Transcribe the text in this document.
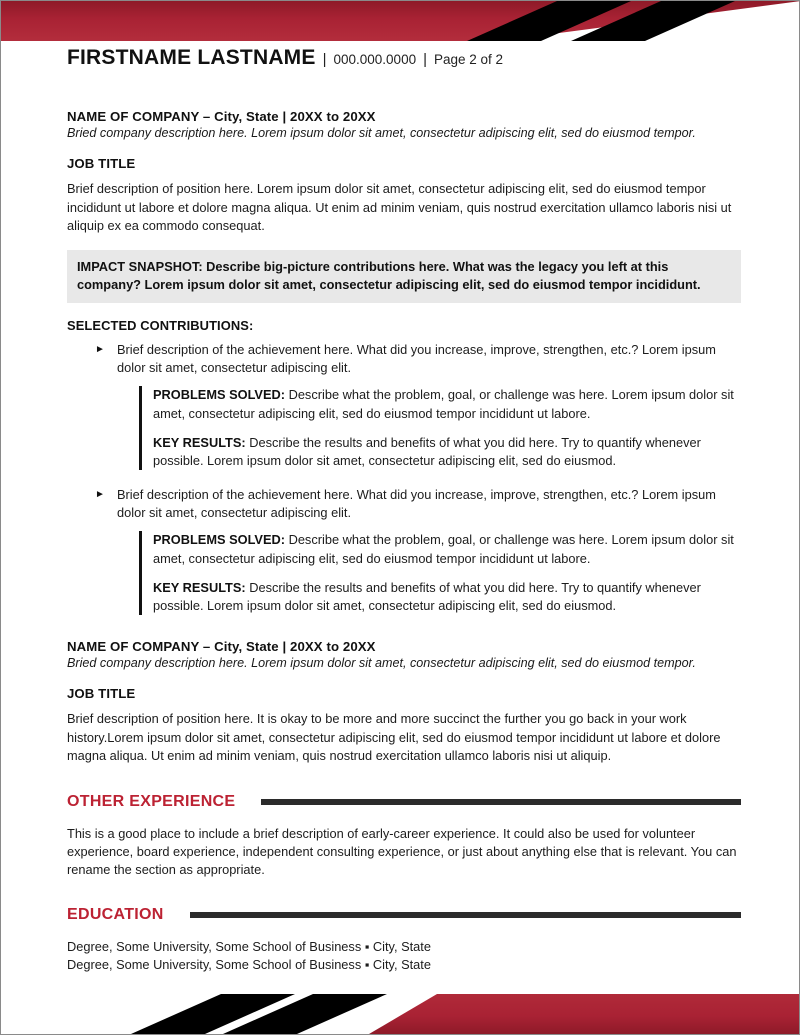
FIRSTNAME LASTNAME | 000.000.0000 | Page 2 of 2
NAME OF COMPANY – City, State | 20XX to 20XX
Bried company description here. Lorem ipsum dolor sit amet, consectetur adipiscing elit, sed do eiusmod tempor.
JOB TITLE

Brief description of position here. Lorem ipsum dolor sit amet, consectetur adipiscing elit, sed do eiusmod tempor incididunt ut labore et dolore magna aliqua. Ut enim ad minim veniam, quis nostrud exercitation ullamco laboris nisi ut aliquip ex ea commodo consequat.

IMPACT SNAPSHOT: Describe big-picture contributions here. What was the legacy you left at this company? Lorem ipsum dolor sit amet, consectetur adipiscing elit, sed do eiusmod tempor incididunt.

SELECTED CONTRIBUTIONS:
► Brief description of the achievement here. What did you increase, improve, strengthen, etc.? Lorem ipsum dolor sit amet, consectetur adipiscing elit.

PROBLEMS SOLVED: Describe what the problem, goal, or challenge was here. Lorem ipsum dolor sit amet, consectetur adipiscing elit, sed do eiusmod tempor incididunt ut labore.

KEY RESULTS: Describe the results and benefits of what you did here. Try to quantify whenever possible. Lorem ipsum dolor sit amet, consectetur adipiscing elit, sed do eiusmod.

► Brief description of the achievement here. What did you increase, improve, strengthen, etc.? Lorem ipsum dolor sit amet, consectetur adipiscing elit.

PROBLEMS SOLVED: Describe what the problem, goal, or challenge was here. Lorem ipsum dolor sit amet, consectetur adipiscing elit, sed do eiusmod tempor incididunt ut labore.

KEY RESULTS: Describe the results and benefits of what you did here. Try to quantify whenever possible. Lorem ipsum dolor sit amet, consectetur adipiscing elit, sed do eiusmod.

NAME OF COMPANY – City, State | 20XX to 20XX
Bried company description here. Lorem ipsum dolor sit amet, consectetur adipiscing elit, sed do eiusmod tempor.
JOB TITLE

Brief description of position here. It is okay to be more and more succinct the further you go back in your work history.Lorem ipsum dolor sit amet, consectetur adipiscing elit, sed do eiusmod tempor incididunt ut labore et dolore magna aliqua. Ut enim ad minim veniam, quis nostrud exercitation ullamco laboris nisi ut aliquip.

OTHER EXPERIENCE

This is a good place to include a brief description of early-career experience. It could also be used for volunteer experience, board experience, independent consulting experience, or just about anything else that is relevant. You can rename the section as appropriate.

EDUCATION

Degree, Some University, Some School of Business ▪ City, State

Degree, Some University, Some School of Business ▪ City, State
